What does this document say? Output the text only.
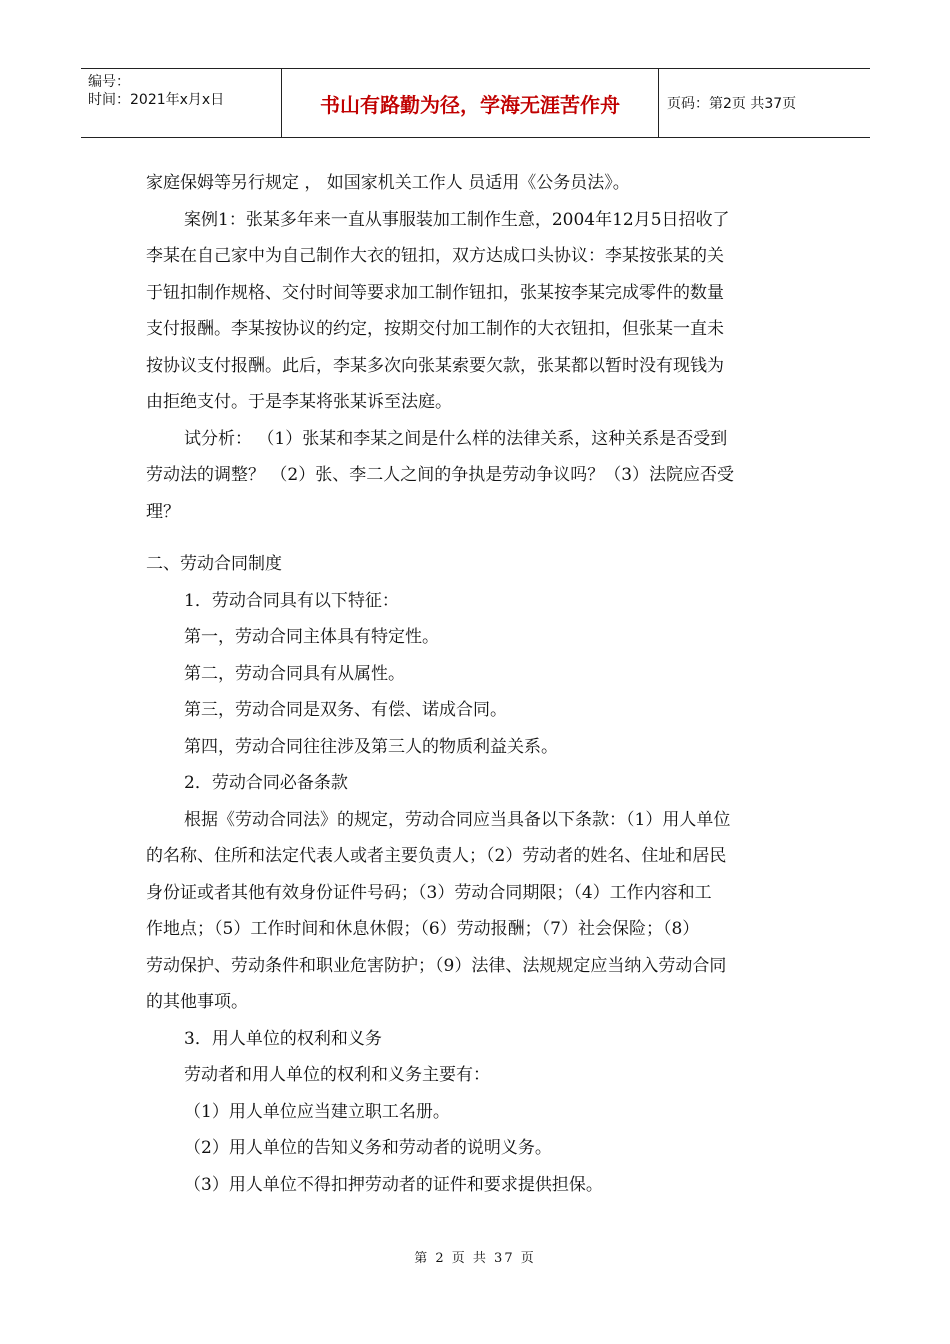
编号：
时间：2021年x月x日	书山有路勤为径，学海无涯苦作舟	页码：第2页 共37页
家庭保姆等另行规定 ， 如国家机关工作人 员适用《公务员法》。
案例1：张某多年来一直从事服装加工制作生意，2004年12月5日招收了
李某在自己家中为自己制作大衣的钮扣，双方达成口头协议：李某按张某的关
于钮扣制作规格、交付时间等要求加工制作钮扣，张某按李某完成零件的数量
支付报酬。李某按协议的约定，按期交付加工制作的大衣钮扣，但张某一直未
按协议支付报酬。此后，李某多次向张某索要欠款，张某都以暂时没有现钱为
由拒绝支付。于是李某将张某诉至法庭。
试分析： （1）张某和李某之间是什么样的法律关系，这种关系是否受到
劳动法的调整？ （2）张、李二人之间的争执是劳动争议吗？（3）法院应否受
理？
二、劳动合同制度
1．劳动合同具有以下特征：
第一，劳动合同主体具有特定性。
第二，劳动合同具有从属性。
第三，劳动合同是双务、有偿、诺成合同。
第四，劳动合同往往涉及第三人的物质利益关系。
2．劳动合同必备条款
根据《劳动合同法》的规定，劳动合同应当具备以下条款：（1）用人单位
的名称、住所和法定代表人或者主要负责人；（2）劳动者的姓名、住址和居民
身份证或者其他有效身份证件号码；（3）劳动合同期限；（4）工作内容和工
作地点；（5）工作时间和休息休假；（6）劳动报酬；（7）社会保险；（8）
劳动保护、劳动条件和职业危害防护；（9）法律、法规规定应当纳入劳动合同
的其他事项。
3．用人单位的权利和义务
劳动者和用人单位的权利和义务主要有：
（1）用人单位应当建立职工名册。
（2）用人单位的告知义务和劳动者的说明义务。
（3）用人单位不得扣押劳动者的证件和要求提供担保。
第 2 页 共 37 页
